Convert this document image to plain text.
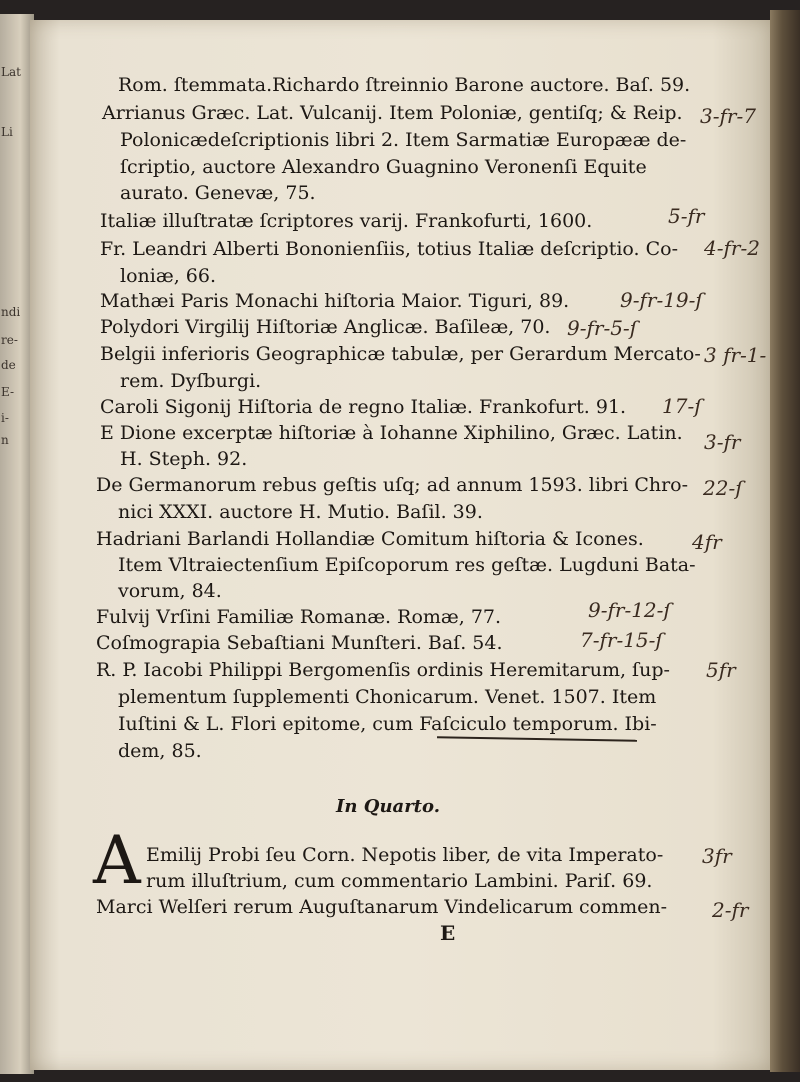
Lat
Li
ndi
re-
de
E-
i-
n
Rom. ſtemmata.Richardo ſtreinnio Barone auctore. Baſ. 59.
Arrianus Græc. Lat. Vulcanij. Item Poloniæ, gentiſq; & Reip.
Polonicædeſcriptionis libri 2. Item Sarmatiæ Europææ de-
ſcriptio, auctore Alexandro Guagnino Veronenſi Equite
aurato. Genevæ, 75.
Italiæ illuſtratæ ſcriptores varij. Frankofurti, 1600.
Fr. Leandri Alberti Bononienſiis, totius Italiæ deſcriptio. Co-
loniæ, 66.
Mathæi Paris Monachi hiſtoria Maior. Tiguri, 89.
Polydori Virgilij Hiſtoriæ Anglicæ. Baſileæ, 70.
Belgii inferioris Geographicæ tabulæ, per Gerardum Mercato-
rem. Dyſburgi.
Caroli Sigonij Hiſtoria de regno Italiæ. Frankofurt. 91.
E Dione excerptæ hiſtoriæ à Iohanne Xiphilino, Græc. Latin.
H. Steph. 92.
De Germanorum rebus geſtis uſq; ad annum 1593. libri Chro-
nici XXXI. auctore H. Mutio. Baſil. 39.
Hadriani Barlandi Hollandiæ Comitum hiſtoria & Icones.
Item Vltraiectenſium Epiſcoporum res geſtæ. Lugduni Bata-
vorum, 84.
Fulvij Vrſini Familiæ Romanæ. Romæ, 77.
Coſmograpia Sebaſtiani Munſteri. Baſ. 54.
R. P. Iacobi Philippi Bergomenſis ordinis Heremitarum, ſup-
plementum ſupplementi Chonicarum. Venet. 1507. Item
Iuſtini & L. Flori epitome, cum Faſciculo temporum. Ibi-
dem, 85.
In Quarto.
A Emilij Probi ſeu Corn. Nepotis liber, de vita Imperato-
rum illuſtrium, cum commentario Lambini. Pariſ. 69.
Marci Welſeri rerum Auguſtanarum Vindelicarum commen-
E
3-fr-7
5-fr
4-fr-2
9-fr-19-ſ
9-fr-5-ſ
3 fr-1-
17-ſ
3-fr
22-ſ
4fr
9-fr-12-ſ
7-fr-15-ſ
5fr
3fr
2-fr
